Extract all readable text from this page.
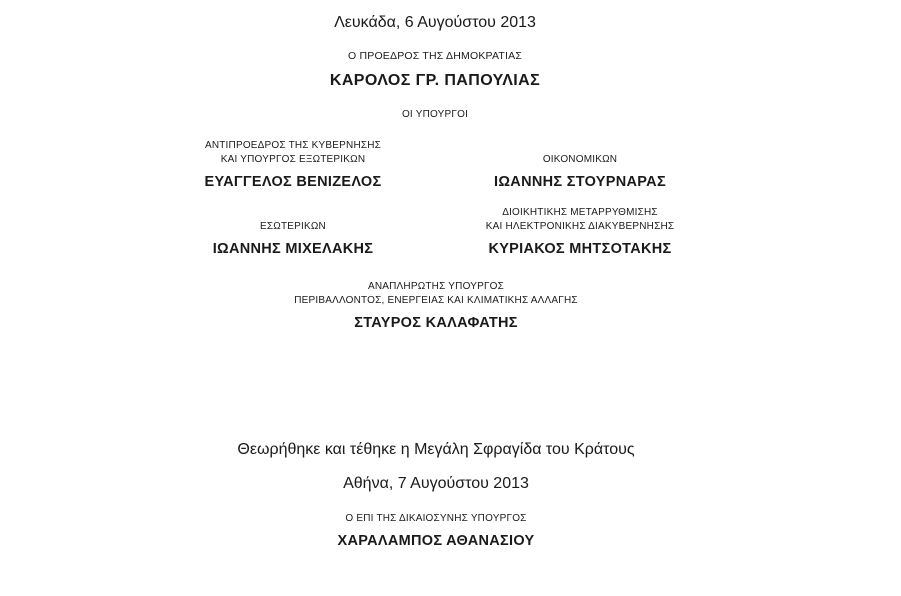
Λευκάδα, 6 Αυγούστου 2013
Ο ΠΡΟΕΔΡΟΣ ΤΗΣ ΔΗΜΟΚΡΑΤΙΑΣ
ΚΑΡΟΛΟΣ ΓΡ. ΠΑΠΟΥΛΙΑΣ
ΟΙ ΥΠΟΥΡΓΟΙ
ΑΝΤΙΠΡΟΕΔΡΟΣ ΤΗΣ ΚΥΒΕΡΝΗΣΗΣ
ΚΑΙ ΥΠΟΥΡΓΟΣ ΕΞΩΤΕΡΙΚΩΝ
ΕΥΑΓΓΕΛΟΣ ΒΕΝΙΖΕΛΟΣ
ΟΙΚΟΝΟΜΙΚΩΝ
ΙΩΑΝΝΗΣ ΣΤΟΥΡΝΑΡΑΣ
ΕΣΩΤΕΡΙΚΩΝ
ΙΩΑΝΝΗΣ ΜΙΧΕΛΑΚΗΣ
ΔΙΟΙΚΗΤΙΚΗΣ ΜΕΤΑΡΡΥΘΜΙΣΗΣ
ΚΑΙ ΗΛΕΚΤΡΟΝΙΚΗΣ ΔΙΑΚΥΒΕΡΝΗΣΗΣ
ΚΥΡΙΑΚΟΣ ΜΗΤΣΟΤΑΚΗΣ
ΑΝΑΠΛΗΡΩΤΗΣ ΥΠΟΥΡΓΟΣ
ΠΕΡΙΒΑΛΛΟΝΤΟΣ, ΕΝΕΡΓΕΙΑΣ ΚΑΙ ΚΛΙΜΑΤΙΚΗΣ ΑΛΛΑΓΗΣ
ΣΤΑΥΡΟΣ ΚΑΛΑΦΑΤΗΣ
Θεωρήθηκε και τέθηκε η Μεγάλη Σφραγίδα του Κράτους
Αθήνα, 7 Αυγούστου 2013
Ο ΕΠΙ ΤΗΣ ΔΙΚΑΙΟΣΥΝΗΣ ΥΠΟΥΡΓΟΣ
ΧΑΡΑΛΑΜΠΟΣ ΑΘΑΝΑΣΙΟΥ
